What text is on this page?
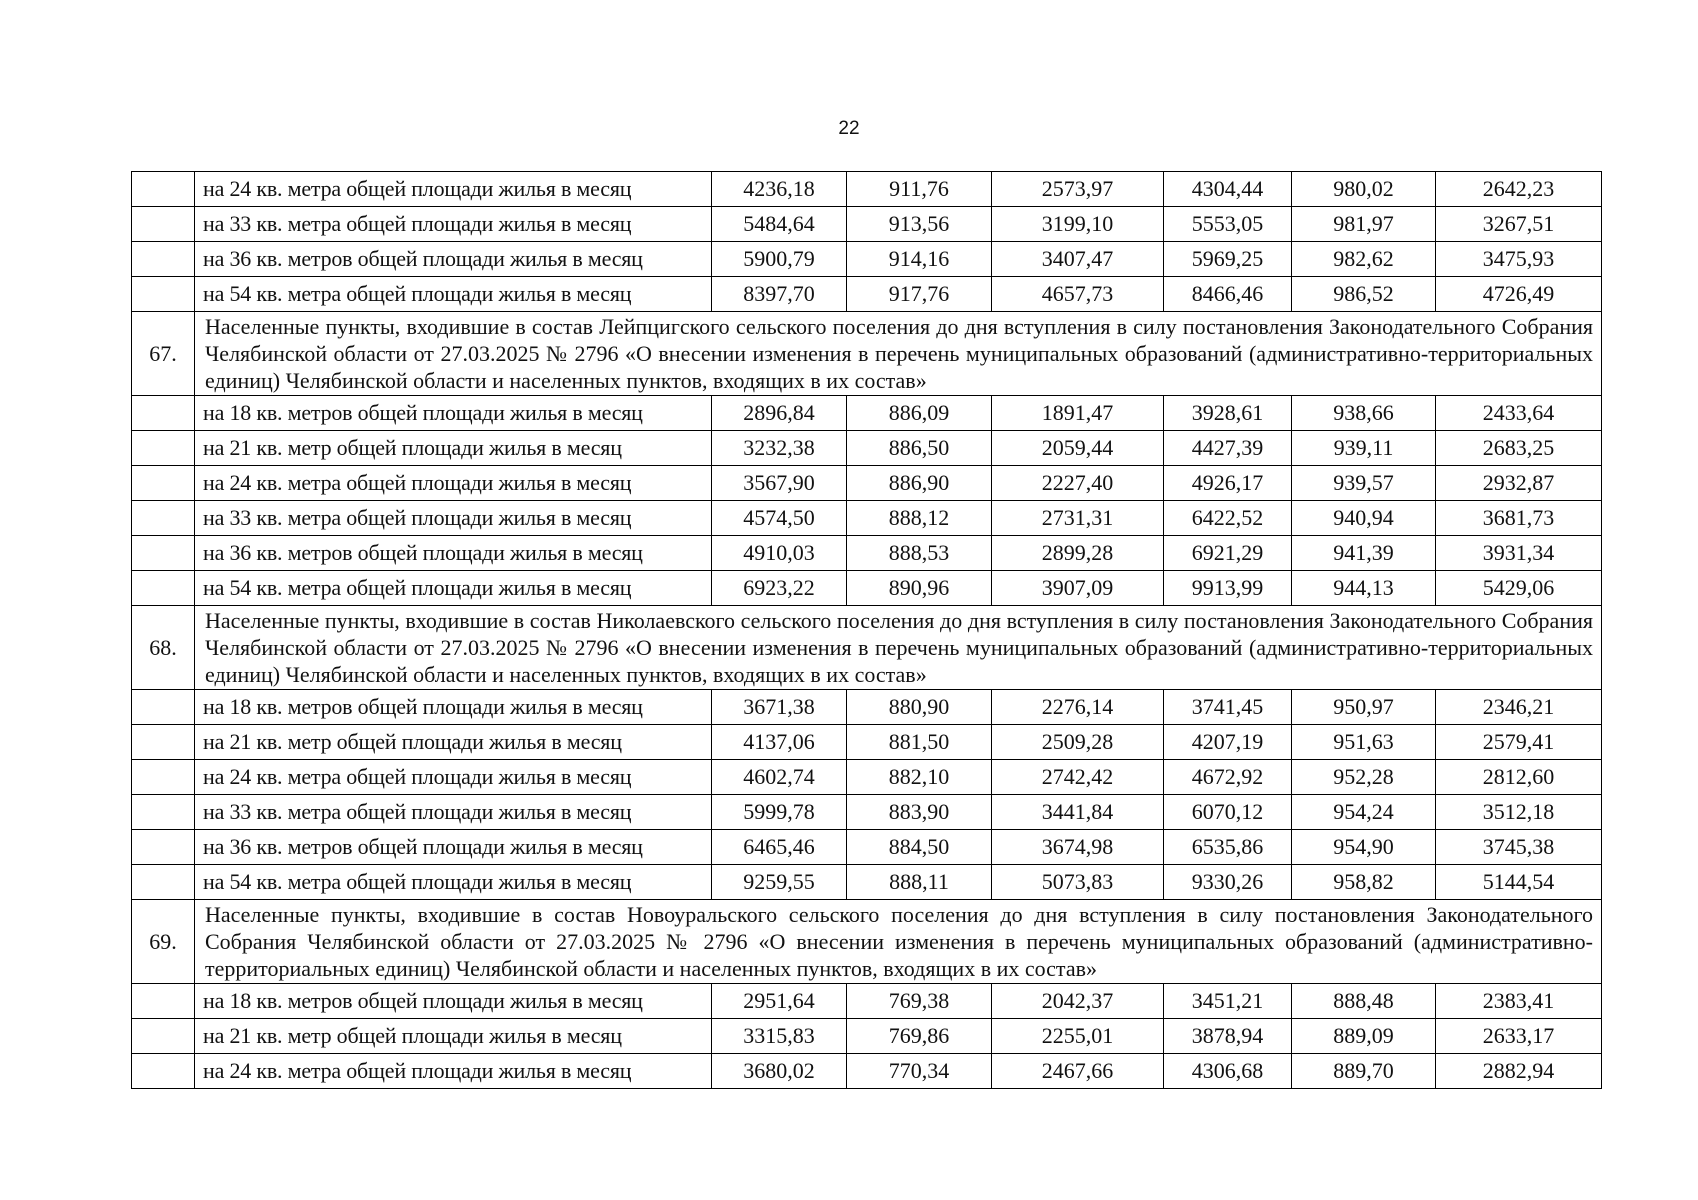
22
	на 24 кв. метра общей площади жилья в месяц	4236,18	911,76	2573,97	4304,44	980,02	2642,23
	на 33 кв. метра общей площади жилья в месяц	5484,64	913,56	3199,10	5553,05	981,97	3267,51
	на 36 кв. метров общей площади жилья в месяц	5900,79	914,16	3407,47	5969,25	982,62	3475,93
	на 54 кв. метра общей площади жилья в месяц	8397,70	917,76	4657,73	8466,46	986,52	4726,49
67.	Населенные пункты, входившие в состав Лейпцигского сельского поселения до дня вступления в силу постановления Законодательного Собрания Челябинской области от 27.03.2025 № 2796 «О внесении изменения в перечень муниципальных образований (административно-территориальных единиц) Челябинской области и населенных пунктов, входящих в их состав»						
	на 18 кв. метров общей площади жилья в месяц	2896,84	886,09	1891,47	3928,61	938,66	2433,64
	на 21 кв. метр общей площади жилья в месяц	3232,38	886,50	2059,44	4427,39	939,11	2683,25
	на 24 кв. метра общей площади жилья в месяц	3567,90	886,90	2227,40	4926,17	939,57	2932,87
	на 33 кв. метра общей площади жилья в месяц	4574,50	888,12	2731,31	6422,52	940,94	3681,73
	на 36 кв. метров общей площади жилья в месяц	4910,03	888,53	2899,28	6921,29	941,39	3931,34
	на 54 кв. метра общей площади жилья в месяц	6923,22	890,96	3907,09	9913,99	944,13	5429,06
68.	Населенные пункты, входившие в состав Николаевского сельского поселения до дня вступления в силу постановления Законодательного Собрания Челябинской области от 27.03.2025 № 2796 «О внесении изменения в перечень муниципальных образований (административно-территориальных единиц) Челябинской области и населенных пунктов, входящих в их состав»						
	на 18 кв. метров общей площади жилья в месяц	3671,38	880,90	2276,14	3741,45	950,97	2346,21
	на 21 кв. метр общей площади жилья в месяц	4137,06	881,50	2509,28	4207,19	951,63	2579,41
	на 24 кв. метра общей площади жилья в месяц	4602,74	882,10	2742,42	4672,92	952,28	2812,60
	на 33 кв. метра общей площади жилья в месяц	5999,78	883,90	3441,84	6070,12	954,24	3512,18
	на 36 кв. метров общей площади жилья в месяц	6465,46	884,50	3674,98	6535,86	954,90	3745,38
	на 54 кв. метра общей площади жилья в месяц	9259,55	888,11	5073,83	9330,26	958,82	5144,54
69.	Населенные пункты, входившие в состав Новоуральского сельского поселения до дня вступления в силу постановления Законодательного Собрания Челябинской области от 27.03.2025 № 2796 «О внесении изменения в перечень муниципальных образований (административно-территориальных единиц) Челябинской области и населенных пунктов, входящих в их состав»						
	на 18 кв. метров общей площади жилья в месяц	2951,64	769,38	2042,37	3451,21	888,48	2383,41
	на 21 кв. метр общей площади жилья в месяц	3315,83	769,86	2255,01	3878,94	889,09	2633,17
	на 24 кв. метра общей площади жилья в месяц	3680,02	770,34	2467,66	4306,68	889,70	2882,94
